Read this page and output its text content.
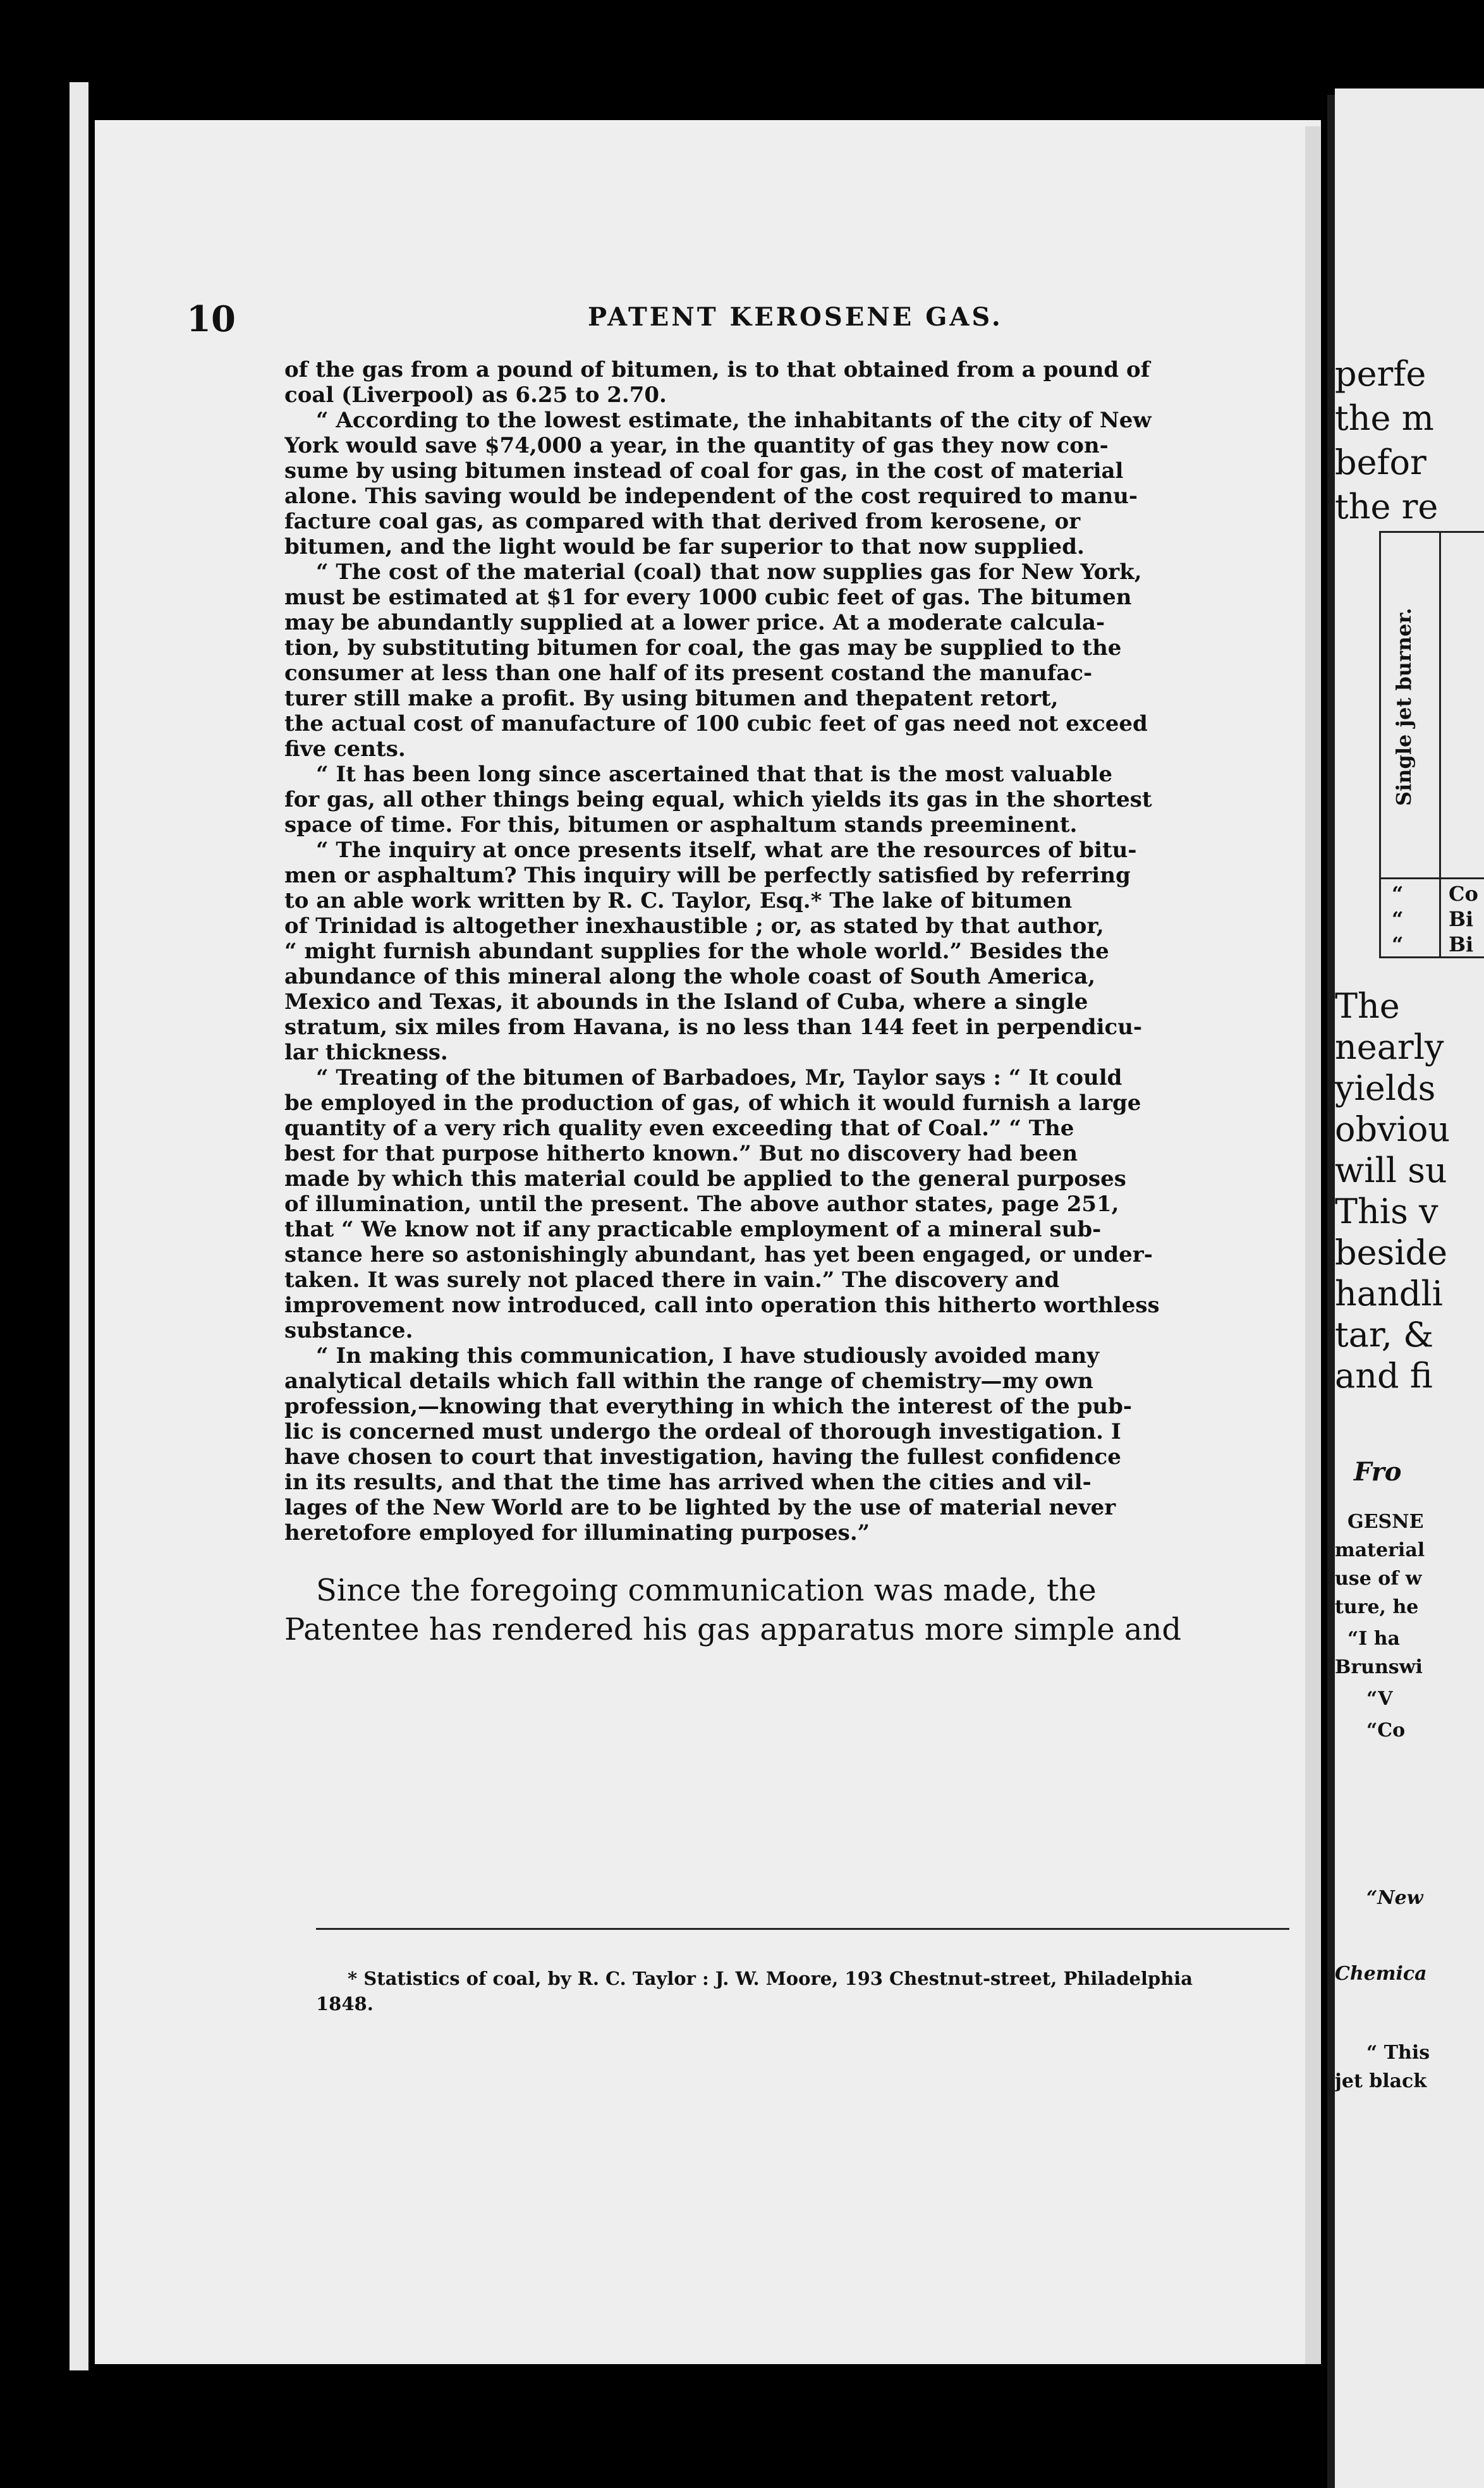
10	PATENT KEROSENE GAS.
of the gas from a pound of bitumen, is to that obtained from a pound of
coal (Liverpool) as 6.25 to 2.70.
“ According to the lowest estimate, the inhabitants of the city of New
York would save $74,000 a year, in the quantity of gas they now con-
sume by using bitumen instead of coal for gas, in the cost of material
alone. This saving would be independent of the cost required to manu-
facture coal gas, as compared with that derived from kerosene, or
bitumen, and the light would be far superior to that now supplied.
“ The cost of the material (coal) that now supplies gas for New York,
must be estimated at $1 for every 1000 cubic feet of gas. The bitumen
may be abundantly supplied at a lower price. At a moderate calcula-
tion, by substituting bitumen for coal, the gas may be supplied to the
consumer at less than one half of its present costand the manufac-
turer still make a profit. By using bitumen and thepatent retort,
the actual cost of manufacture of 100 cubic feet of gas need not exceed
five cents.
“ It has been long since ascertained that that is the most valuable
for gas, all other things being equal, which yields its gas in the shortest
space of time. For this, bitumen or asphaltum stands preeminent.
“ The inquiry at once presents itself, what are the resources of bitu-
men or asphaltum? This inquiry will be perfectly satisfied by referring
to an able work written by R. C. Taylor, Esq.* The lake of bitumen
of Trinidad is altogether inexhaustible ; or, as stated by that author,
“ might furnish abundant supplies for the whole world.” Besides the
abundance of this mineral along the whole coast of South America,
Mexico and Texas, it abounds in the Island of Cuba, where a single
stratum, six miles from Havana, is no less than 144 feet in perpendicu-
lar thickness.
“ Treating of the bitumen of Barbadoes, Mr, Taylor says : “ It could
be employed in the production of gas, of which it would furnish a large
quantity of a very rich quality even exceeding that of Coal.” “ The
best for that purpose hitherto known.” But no discovery had been
made by which this material could be applied to the general purposes
of illumination, until the present. The above author states, page 251,
that “ We know not if any practicable employment of a mineral sub-
stance here so astonishingly abundant, has yet been engaged, or under-
taken. It was surely not placed there in vain.” The discovery and
improvement now introduced, call into operation this hitherto worthless
substance.
“ In making this communication, I have studiously avoided many
analytical details which fall within the range of chemistry—my own
profession,—knowing that everything in which the interest of the pub-
lic is concerned must undergo the ordeal of thorough investigation. I
have chosen to court that investigation, having the fullest confidence
in its results, and that the time has arrived when the cities and vil-
lages of the New World are to be lighted by the use of material never
heretofore employed for illuminating purposes.”
Since the foregoing communication was made, the
Patentee has rendered his gas apparatus more simple and
* Statistics of coal, by R. C. Taylor : J. W. Moore, 193 Chestnut-street, Philadelphia
1848.
perfe
the m
befor
the re
Single jet burner.
“ Co
“ Bi
“ Bi
The
nearly
yields
obviou
will su
This v
beside
handli
tar, &
and fi
Fro
GESNE
material
use of w
ture, he
“I ha
Brunswi
“V
“Co
“New
Chemica
“ This
jet black
